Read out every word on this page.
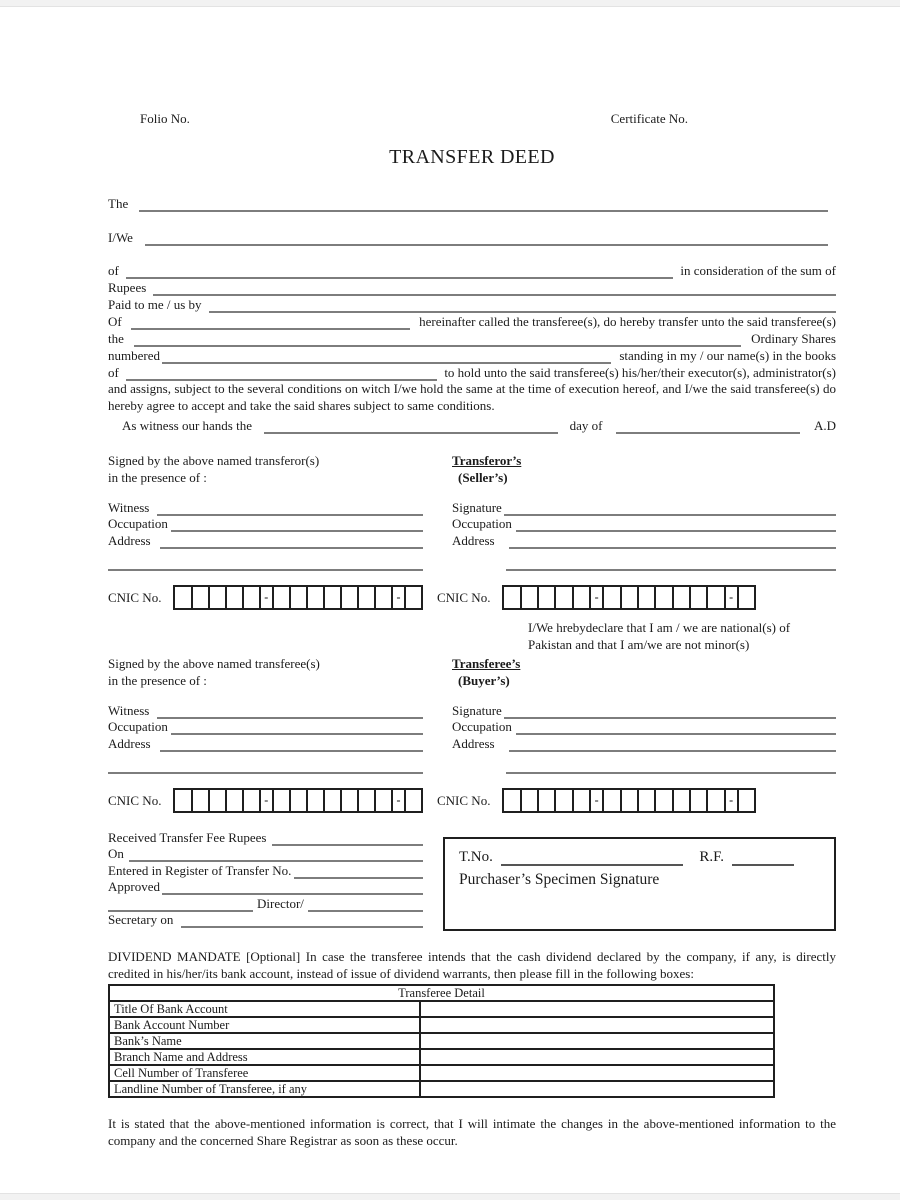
Folio No.	Certificate No.
TRANSFER DEED
The
I/We
of	in consideration of the sum of
Rupees
Paid to me / us by
Of	hereinafter called the transferee(s), do hereby transfer unto the said transferee(s)
the	Ordinary Shares
numbered	standing in my / our name(s) in the books
of	to hold unto the said transferee(s) his/her/their executor(s), administrator(s)
and assigns, subject to the several conditions on witch I/we hold the same at the time of execution hereof, and I/we the said transferee(s) do hereby agree to accept and take the said shares subject to same conditions.
As witness our hands the	day of	A.D
Signed by the above named transferor(s)
in the presence of :
Transferor’s
(Seller’s)
Witness
Occupation
Address
Signature
Occupation
Address
CNIC No.	-	-	CNIC No.	-	-
I/We hrebydeclare that I am / we are national(s) of Pakistan and that I am/we are not minor(s)
Signed by the above named transferee(s)
in the presence of :
Transferee’s
(Buyer’s)
Witness
Occupation
Address
Signature
Occupation
Address
CNIC No.	-	-	CNIC No.	-	-
Received Transfer Fee Rupees
On
Entered in Register of Transfer No.
Approved
Director/
Secretary on
T.No.	R.F.
Purchaser’s Specimen Signature
DIVIDEND MANDATE [Optional] In case the transferee intends that the cash dividend declared by the company, if any, is directly credited in his/her/its bank account, instead of issue of dividend warrants, then please fill in the following boxes:
Transferee Detail	
Title Of Bank Account	
Bank Account Number	
Bank’s Name	
Branch Name and Address	
Cell Number of Transferee	
Landline Number of Transferee, if any	
It is stated that the above-mentioned information is correct, that I will intimate the changes in the above-mentioned information to the company and the concerned Share Registrar as soon as these occur.
